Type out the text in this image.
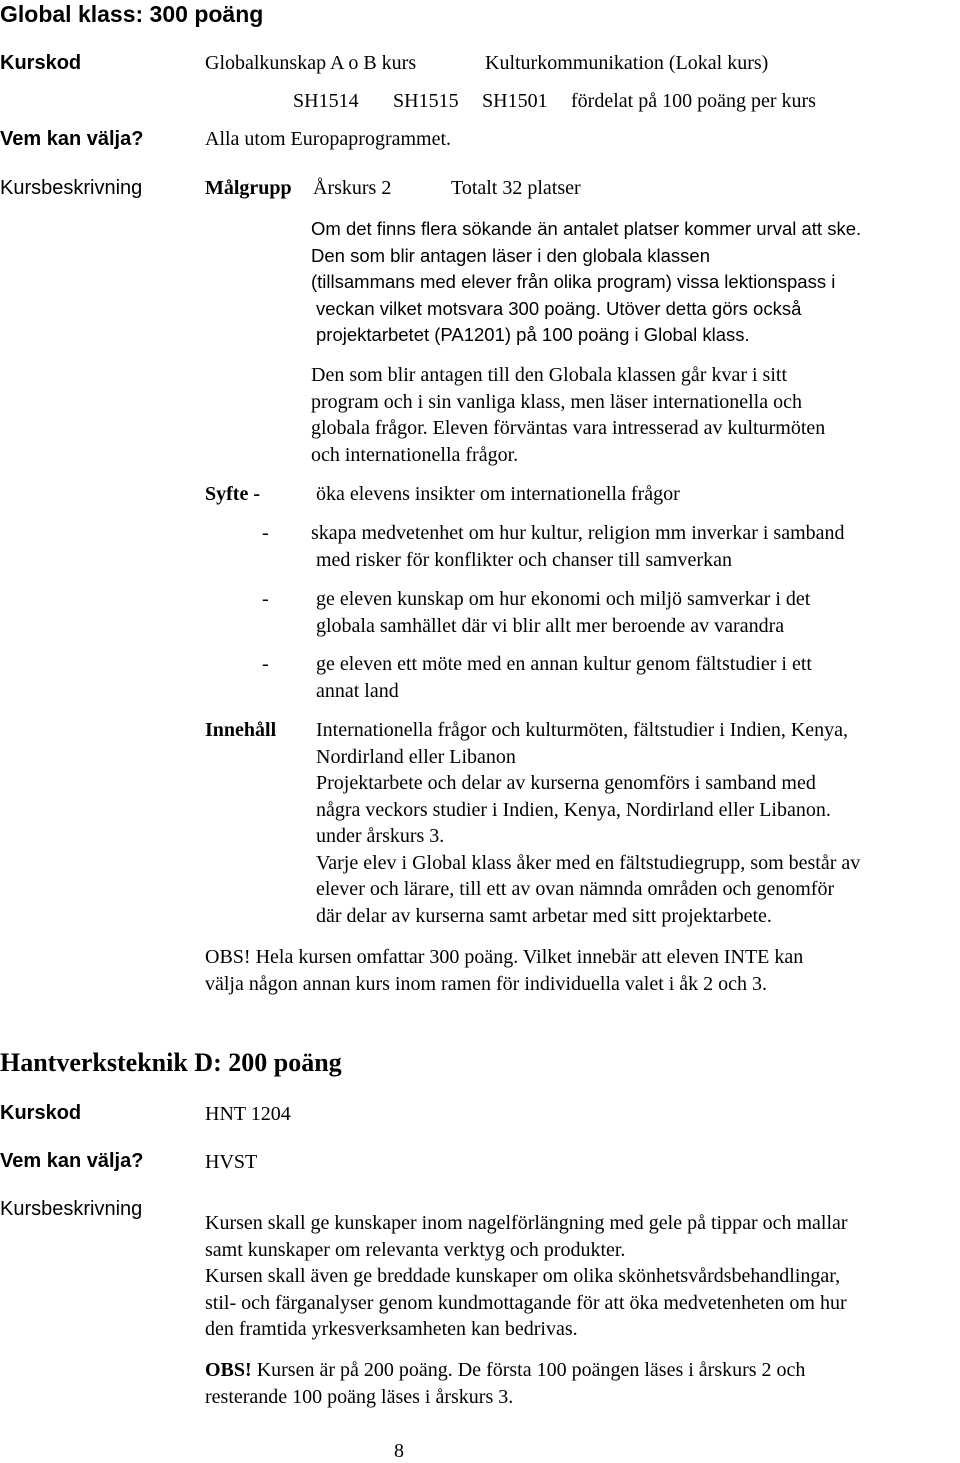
Global klass: 300 poäng
Kurskod	Globalkunskap A o B kurs	Kulturkommunikation (Lokal kurs)
SH1514 SH1515 SH1501 fördelat på 100 poäng per kurs
Vem kan välja?	Alla utom Europaprogrammet.
Kursbeskrivning	Målgrupp Årskurs 2	Totalt 32 platser
Om det finns flera sökande än antalet platser kommer urval att ske.
Den som blir antagen läser i den globala klassen
(tillsammans med elever från olika program) vissa lektionspass i
veckan vilket motsvara 300 poäng. Utöver detta görs också
projektarbetet (PA1201) på 100 poäng i Global klass.
Den som blir antagen till den Globala klassen går kvar i sitt
program och i sin vanliga klass, men läser internationella och
globala frågor. Eleven förväntas vara intresserad av kulturmöten
och internationella frågor.
Syfte -	öka elevens insikter om internationella frågor
- skapa medvetenhet om hur kultur, religion mm inverkar i samband
med risker för konflikter och chanser till samverkan
- ge eleven kunskap om hur ekonomi och miljö samverkar i det
globala samhället där vi blir allt mer beroende av varandra
- ge eleven ett möte med en annan kultur genom fältstudier i ett
annat land
Innehåll Internationella frågor och kulturmöten, fältstudier i Indien, Kenya,
Nordirland eller Libanon
Projektarbete och delar av kurserna genomförs i samband med
några veckors studier i Indien, Kenya, Nordirland eller Libanon.
under årskurs 3.
Varje elev i Global klass åker med en fältstudiegrupp, som består av
elever och lärare, till ett av ovan nämnda områden och genomför
där delar av kurserna samt arbetar med sitt projektarbete.
OBS! Hela kursen omfattar 300 poäng. Vilket innebär att eleven INTE kan
välja någon annan kurs inom ramen för individuella valet i åk 2 och 3.
Hantverksteknik D: 200 poäng
Kurskod	HNT 1204
Vem kan välja?	HVST
Kursbeskrivning
Kursen skall ge kunskaper inom nagelförlängning med gele på tippar och mallar
samt kunskaper om relevanta verktyg och produkter.
Kursen skall även ge breddade kunskaper om olika skönhetsvårdsbehandlingar,
stil- och färganalyser genom kundmottagande för att öka medvetenheten om hur
den framtida yrkesverksamheten kan bedrivas.
OBS! Kursen är på 200 poäng. De första 100 poängen läses i årskurs 2 och
resterande 100 poäng läses i årskurs 3.
8
